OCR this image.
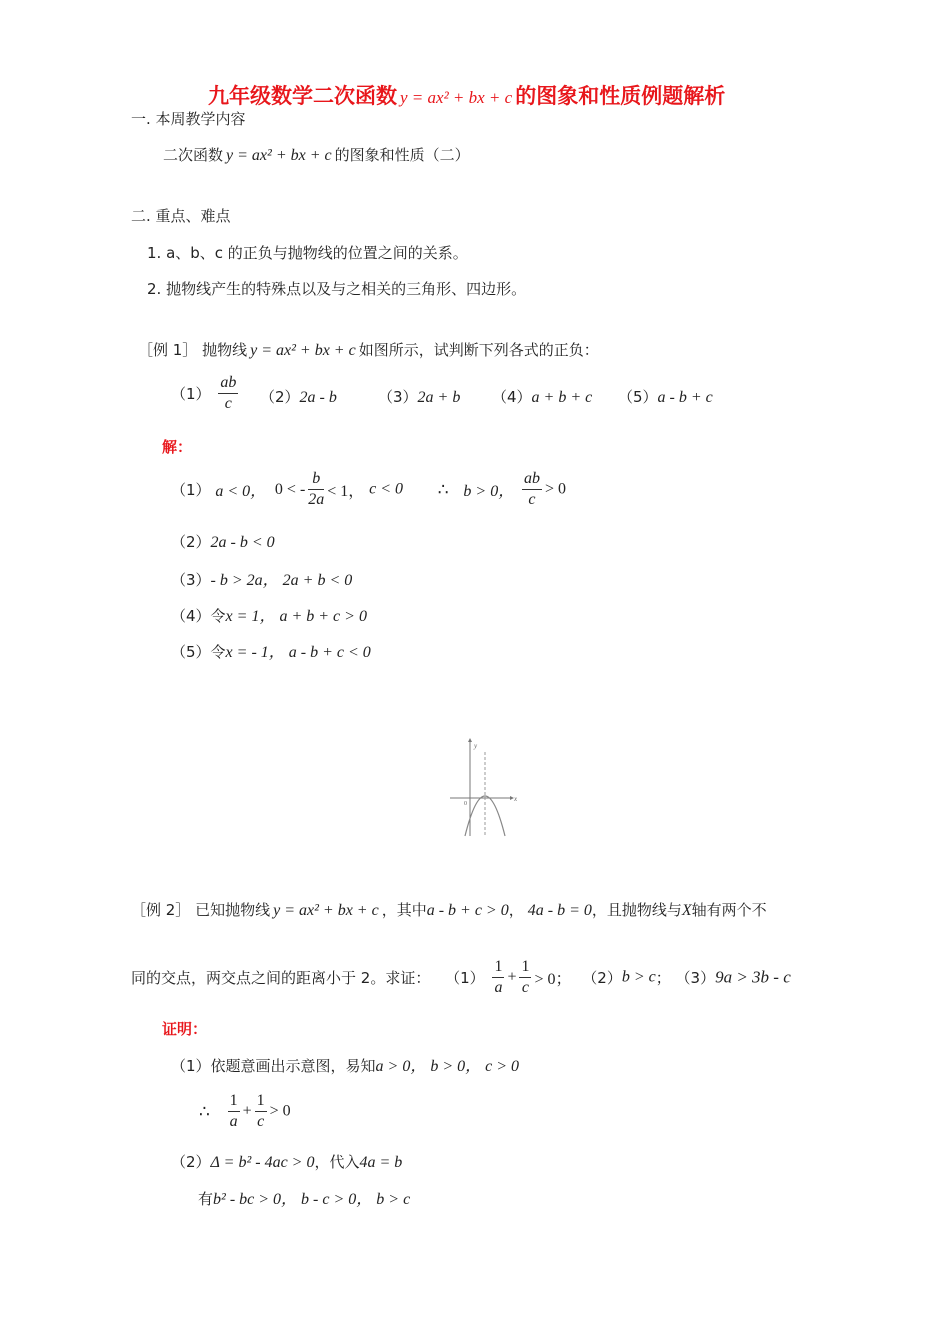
九年级数学二次函数 y = ax² + bx + c 的图象和性质例题解析
一. 本周教学内容
二次函数 y = ax² + bx + c 的图象和性质（二）
二. 重点、难点
1. a、b、c 的正负与抛物线的位置之间的关系。
2. 抛物线产生的特殊点以及与之相关的三角形、四边形。
［例 1］ 抛物线 y = ax² + bx + c 如图所示，试判断下列各式的正负：
$(1) \frac{ab}{c} (2)2a$ - b	（3）2a + b （4）a + b + c （5）a - b + c
解：
（1） a < 0， 0 < - $\frac{b}{2a} < 1$， c < 0 ∴ b > 0， $\frac{ab}{c} > 0$
（2）2a - b < 0
（3）- b > 2a， 2a + b < 0
（4）令x = 1， a + b + c > 0
（5）令x = - 1， a - b + c < 0
y
x
0
［例 2］ 已知抛物线 y = ax² + bx + c ，其中a - b + c > 0， 4a - b = 0，且抛物线与X轴有两个不
同的交点，两交点之间的距离小于 2。求证： $(1) \frac{1}{a} + \frac{1}{c} > 0$； （2）b > c； （3）9a > 3b - c
证明：
（1）依题意画出示意图，易知a > 0， b > 0， c > 0
∴ $\frac{1}{a} + \frac{1}{c} > 0$
（2）Δ = b² - 4ac > 0，代入4a = b
有b² - bc > 0， b - c > 0， b > c
